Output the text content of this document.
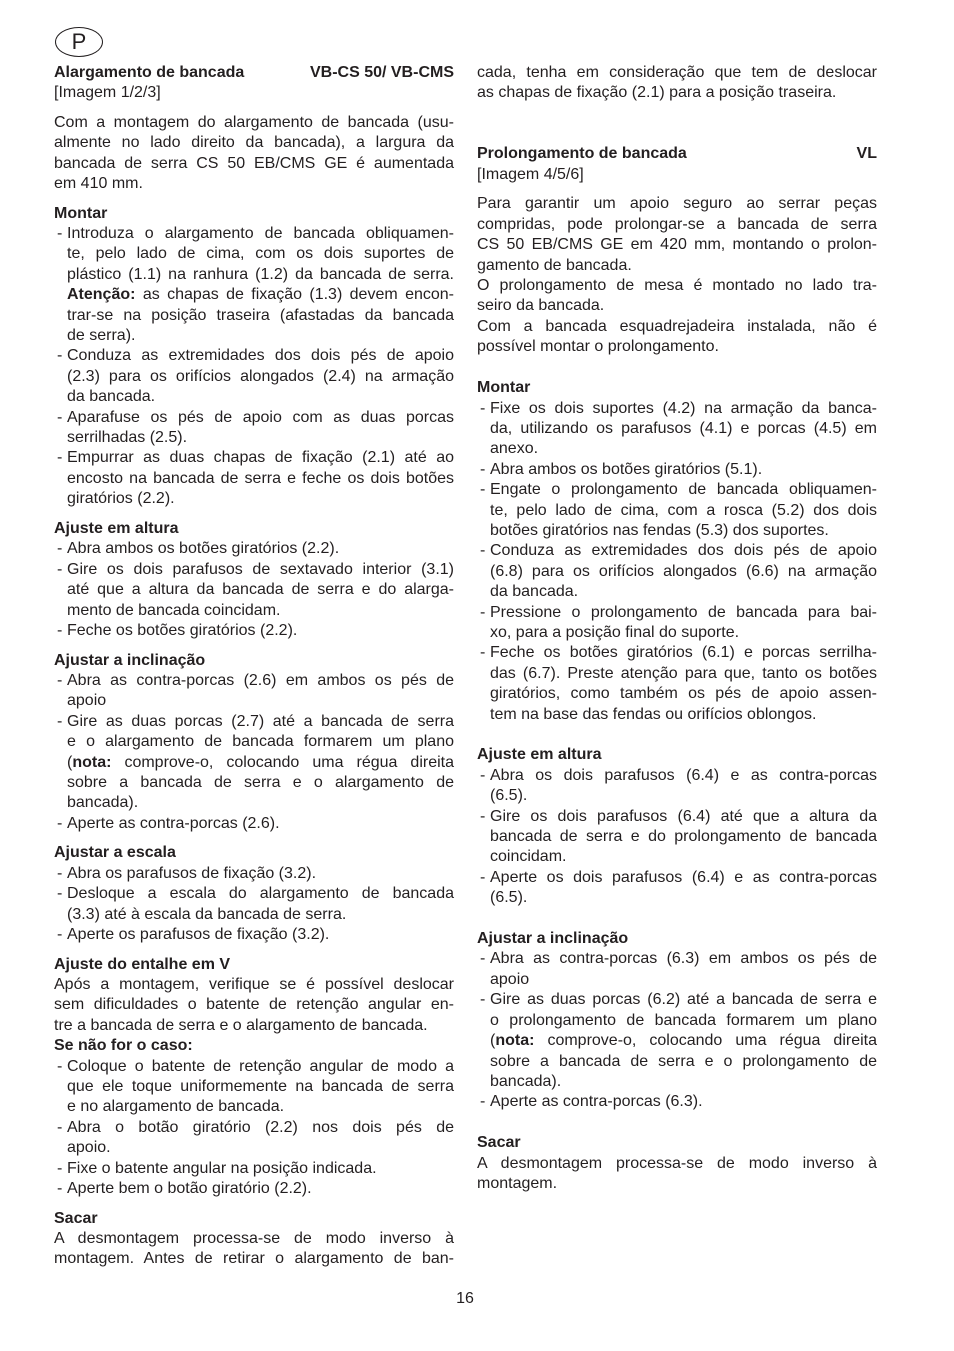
P
Alargamento de bancada	VB-CS 50/ VB-CMS
[Imagem 1/2/3]
Com a montagem do alargamento de bancada (usu-
almente no lado direito da bancada), a largura da
bancada de serra CS 50 EB/CMS GE é aumentada
em 410 mm.
Montar
- Introduza o alargamento de bancada obliquamen-
te, pelo lado de cima, com os dois suportes de
plástico (1.1) na ranhura (1.2) da bancada de serra.
Atenção: as chapas de fixação (1.3) devem encon-
trar-se na posição traseira (afastadas da bancada
de serra).
- Conduza as extremidades dos dois pés de apoio
(2.3) para os orifícios alongados (2.4) na armação
da bancada.
- Aparafuse os pés de apoio com as duas porcas
serrilhadas (2.5).
- Empurrar as duas chapas de fixação (2.1) até ao
encosto na bancada de serra e feche os dois botões
giratórios (2.2).
Ajuste em altura
- Abra ambos os botões giratórios (2.2).
- Gire os dois parafusos de sextavado interior (3.1)
até que a altura da bancada de serra e do alarga-
mento de bancada coincidam.
- Feche os botões giratórios (2.2).
Ajustar a inclinação
- Abra as contra-porcas (2.6) em ambos os pés de
apoio
- Gire as duas porcas (2.7) até a bancada de serra
e o alargamento de bancada formarem um plano
(nota: comprove-o, colocando uma régua direita
sobre a bancada de serra e o alargamento de
bancada).
- Aperte as contra-porcas (2.6).
Ajustar a escala
- Abra os parafusos de fixação (3.2).
- Desloque a escala do alargamento de bancada
(3.3) até à escala da bancada de serra.
- Aperte os parafusos de fixação (3.2).
Ajuste do entalhe em V
Após a montagem, verifique se é possível deslocar
sem dificuldades o batente de retenção angular en-
tre a bancada de serra e o alargamento de bancada.
Se não for o caso:
- Coloque o batente de retenção angular de modo a
que ele toque uniformemente na bancada de serra
e no alargamento de bancada.
- Abra o botão giratório (2.2) nos dois pés de
apoio.
- Fixe o batente angular na posição indicada.
- Aperte bem o botão giratório (2.2).
Sacar
A desmontagem processa-se de modo inverso à
montagem. Antes de retirar o alargamento de ban-
cada, tenha em consideração que tem de deslocar
as chapas de fixação (2.1) para a posição traseira.
Prolongamento de bancada	VL
[Imagem 4/5/6]
Para garantir um apoio seguro ao serrar peças
compridas, pode prolongar-se a bancada de serra
CS 50 EB/CMS GE em 420 mm, montando o prolon-
gamento de bancada.
O prolongamento de mesa é montado no lado tra-
seiro da bancada.
Com a bancada esquadrejadeira instalada, não é
possível montar o prolongamento.
Montar
- Fixe os dois suportes (4.2) na armação da banca-
da, utilizando os parafusos (4.1) e porcas (4.5) em
anexo.
- Abra ambos os botões giratórios (5.1).
- Engate o prolongamento de bancada obliquamen-
te, pelo lado de cima, com a rosca (5.2) dos dois
botões giratórios nas fendas (5.3) dos suportes.
- Conduza as extremidades dos dois pés de apoio
(6.8) para os orifícios alongados (6.6) na armação
da bancada.
- Pressione o prolongamento de bancada para bai-
xo, para a posição final do suporte.
- Feche os botões giratórios (6.1) e porcas serrilha-
das (6.7). Preste atenção para que, tanto os botões
giratórios, como também os pés de apoio assen-
tem na base das fendas ou orifícios oblongos.
Ajuste em altura
- Abra os dois parafusos (6.4) e as contra-porcas
(6.5).
- Gire os dois parafusos (6.4) até que a altura da
bancada de serra e do prolongamento de bancada
coincidam.
- Aperte os dois parafusos (6.4) e as contra-porcas
(6.5).
Ajustar a inclinação
- Abra as contra-porcas (6.3) em ambos os pés de
apoio
- Gire as duas porcas (6.2) até a bancada de serra e
o prolongamento de bancada formarem um plano
(nota: comprove-o, colocando uma régua direita
sobre a bancada de serra e o prolongamento de
bancada).
- Aperte as contra-porcas (6.3).
Sacar
A desmontagem processa-se de modo inverso à
montagem.
16
